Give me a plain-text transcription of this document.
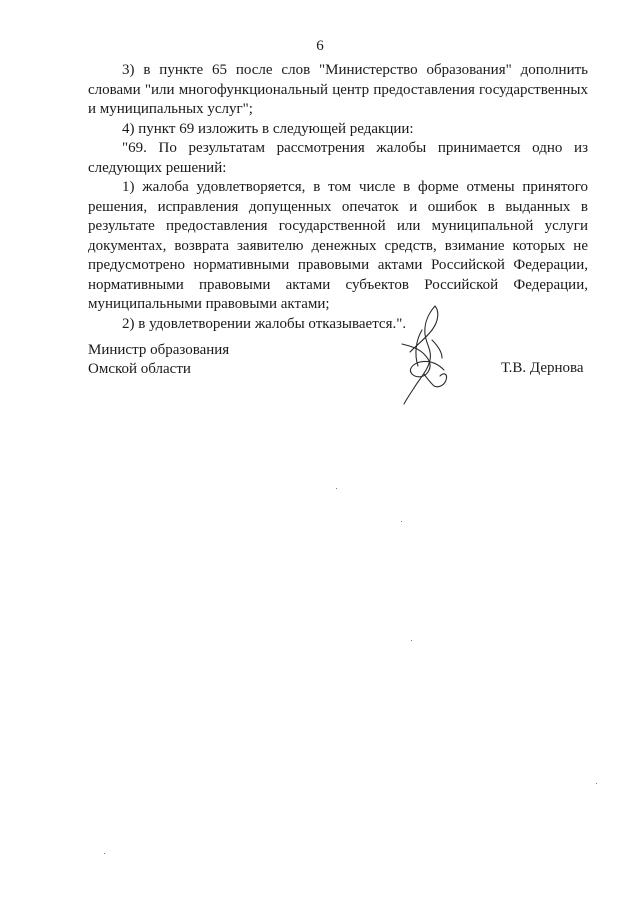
6

3) в пункте 65 после слов "Министерство образования" дополнить словами "или многофункциональный центр предоставления государственных и муниципальных услуг";

4) пункт 69 изложить в следующей редакции:

"69. По результатам рассмотрения жалобы принимается одно из следующих решений:

1) жалоба удовлетворяется, в том числе в форме отмены принятого решения, исправления допущенных опечаток и ошибок в выданных в результате предоставления государственной или муниципальной услуги документах, возврата заявителю денежных средств, взимание которых не предусмотрено нормативными правовыми актами Российской Федерации, нормативными правовыми актами субъектов Российской Федерации, муниципальными правовыми актами;

2) в удовлетворении жалобы отказывается.".

Министр образования
Омской области	Т.В. Дернова
